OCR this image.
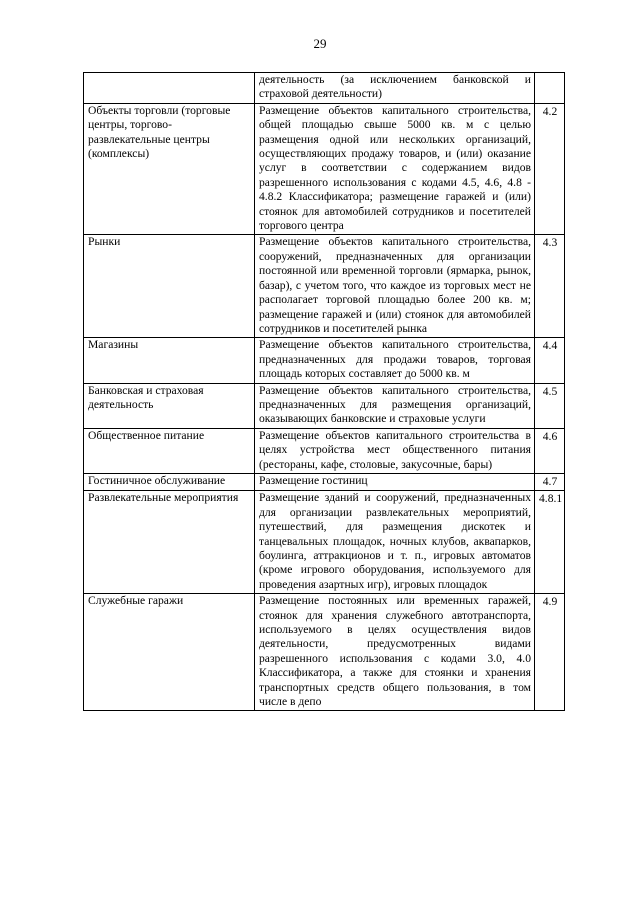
29
	деятельность (за исключением банковской и страховой деятельности)	

Объекты торговли (торговые центры, торгово-развлекательные центры (комплексы)	Размещение объектов капитального строительства, общей площадью свыше 5000 кв. м с целью размещения одной или нескольких организаций, осуществляющих продажу товаров, и (или) оказание услуг в соответствии с содержанием видов разрешенного использования с кодами 4.5, 4.6, 4.8 - 4.8.2 Классификатора; размещение гаражей и (или) стоянок для автомобилей сотрудников и посетителей торгового центра	4.2

Рынки	Размещение объектов капитального строительства, сооружений, предназначенных для организации постоянной или временной торговли (ярмарка, рынок, базар), с учетом того, что каждое из торговых мест не располагает торговой площадью более 200 кв. м; размещение гаражей и (или) стоянок для автомобилей сотрудников и посетителей рынка	4.3

Магазины	Размещение объектов капитального строительства, предназначенных для продажи товаров, торговая площадь которых составляет до 5000 кв. м	4.4

Банковская и страховая деятельность	Размещение объектов капитального строительства, предназначенных для размещения организаций, оказывающих банковские и страховые услуги	4.5

Общественное питание	Размещение объектов капитального строительства в целях устройства мест общественного питания (рестораны, кафе, столовые, закусочные, бары)	4.6

Гостиничное обслуживание	Размещение гостиниц	4.7

Развлекательные мероприятия	Размещение зданий и сооружений, предназначенных для организации развлекательных мероприятий, путешествий, для размещения дискотек и танцевальных площадок, ночных клубов, аквапарков, боулинга, аттракционов и т. п., игровых автоматов (кроме игрового оборудования, используемого для проведения азартных игр), игровых площадок	4.8.1

Служебные гаражи	Размещение постоянных или временных гаражей, стоянок для хранения служебного автотранспорта, используемого в целях осуществления видов деятельности, предусмотренных видами разрешенного использования с кодами 3.0, 4.0 Классификатора, а также для стоянки и хранения транспортных средств общего пользования, в том числе в депо	4.9
